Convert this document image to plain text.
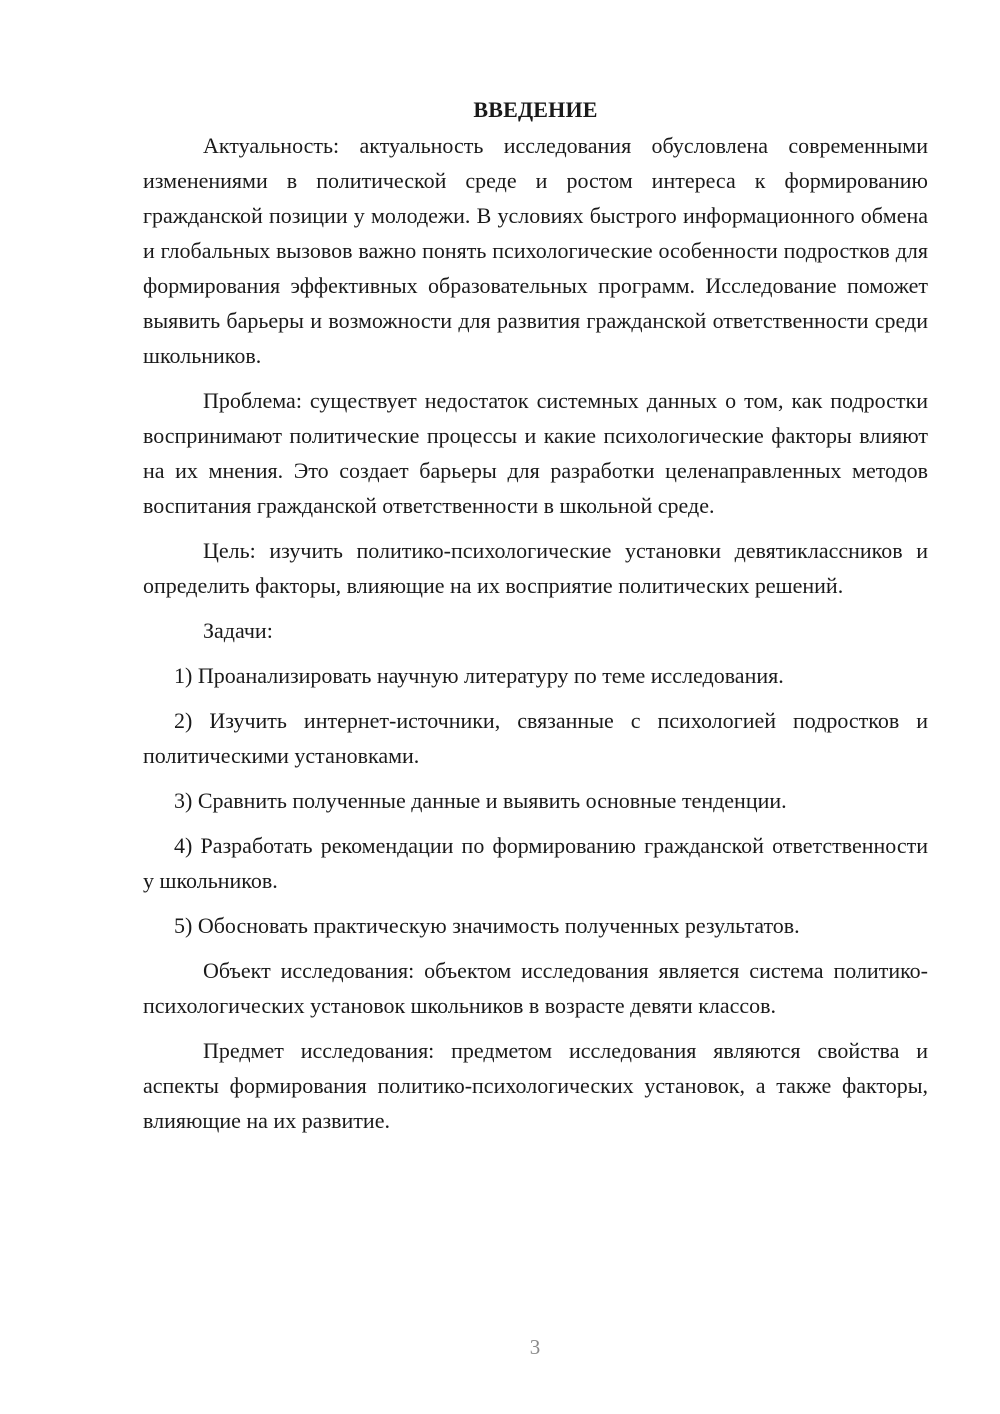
ВВЕДЕНИЕ

Актуальность: актуальность исследования обусловлена современными изменениями в политической среде и ростом интереса к формированию гражданской позиции у молодежи. В условиях быстрого информационного обмена и глобальных вызовов важно понять психологические особенности подростков для формирования эффективных образовательных программ. Исследование поможет выявить барьеры и возможности для развития гражданской ответственности среди школьников.

Проблема: существует недостаток системных данных о том, как подростки воспринимают политические процессы и какие психологические факторы влияют на их мнения. Это создает барьеры для разработки целенаправленных методов воспитания гражданской ответственности в школьной среде.

Цель: изучить политико-психологические установки девятиклассников и определить факторы, влияющие на их восприятие политических решений.

Задачи:

1) Проанализировать научную литературу по теме исследования.

2) Изучить интернет-источники, связанные с психологией подростков и политическими установками.

3) Сравнить полученные данные и выявить основные тенденции.

4) Разработать рекомендации по формированию гражданской ответственности у школьников.

5) Обосновать практическую значимость полученных результатов.

Объект исследования: объектом исследования является система политико-психологических установок школьников в возрасте девяти классов.

Предмет исследования: предметом исследования являются свойства и аспекты формирования политико-психологических установок, а также факторы, влияющие на их развитие.

3
